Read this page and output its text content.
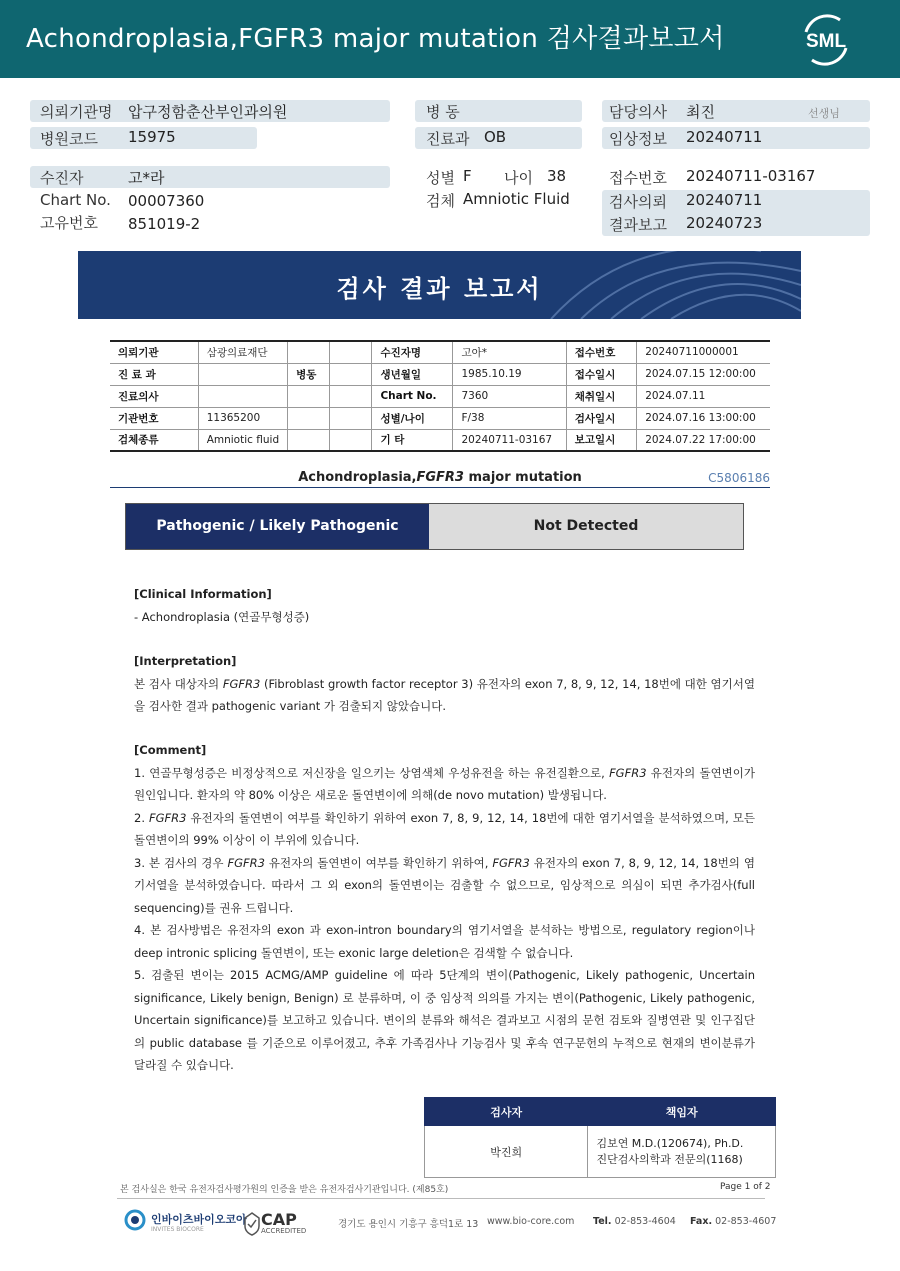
Achondroplasia,FGFR3 major mutation 검사결과보고서	SML
의뢰기관명 압구정함춘산부인과의원
병원코드 15975
병 동
진료과 OB
담당의사 최진	선생님
임상정보 20240711
수진자	고*라
Chart No. 00007360
고유번호 851019-2
성별 F 나이 38
검체 Amniotic Fluid
접수번호 20240711-03167
검사의뢰 20240711
결과보고 20240723
검사 결과 보고서
의뢰기관	삼광의료재단			수진자명	고아*	접수번호	20240711000001
진 료 과		병동		생년월일	1985.10.19	접수일시	2024.07.15 12:00:00
진료의사				Chart No.	7360	채취일시	2024.07.11
기관번호	11365200			성별/나이	F/38	검사일시	2024.07.16 13:00:00
검체종류	Amniotic fluid			기 타	20240711-03167	보고일시	2024.07.22 17:00:00
Achondroplasia,FGFR3 major mutation	C5806186
Pathogenic / Likely Pathogenic variant
Not Detected
[Clinical Information]
- Achondroplasia (연골무형성증)
[Interpretation]
본 검사 대상자의 FGFR3 (Fibroblast growth factor receptor 3) 유전자의 exon 7, 8, 9, 12, 14, 18번에 대한 염기서열을 검사한 결과 pathogenic variant 가 검출되지 않았습니다.
[Comment]
1. 연골무형성증은 비정상적으로 저신장을 일으키는 상염색체 우성유전을 하는 유전질환으로, FGFR3 유전자의 돌연변이가 원인입니다. 환자의 약 80% 이상은 새로운 돌연변이에 의해(de novo mutation) 발생됩니다.
2. FGFR3 유전자의 돌연변이 여부를 확인하기 위하여 exon 7, 8, 9, 12, 14, 18번에 대한 염기서열을 분석하였으며, 모든 돌연변이의 99% 이상이 이 부위에 있습니다.
3. 본 검사의 경우 FGFR3 유전자의 돌연변이 여부를 확인하기 위하여, FGFR3 유전자의 exon 7, 8, 9, 12, 14, 18번의 염기서열을 분석하였습니다. 따라서 그 외 exon의 돌연변이는 검출할 수 없으므로, 임상적으로 의심이 되면 추가검사(full sequencing)를 권유 드립니다.
4. 본 검사방법은 유전자의 exon 과 exon-intron boundary의 염기서열을 분석하는 방법으로, regulatory region이나 deep intronic splicing 돌연변이, 또는 exonic large deletion은 검색할 수 없습니다.
5. 검출된 변이는 2015 ACMG/AMP guideline 에 따라 5단계의 변이(Pathogenic, Likely pathogenic, Uncertain significance, Likely benign, Benign) 로 분류하며, 이 중 임상적 의의를 가지는 변이(Pathogenic, Likely pathogenic, Uncertain significance)를 보고하고 있습니다. 변이의 분류와 해석은 결과보고 시점의 문헌 검토와 질병연관 및 인구집단의 public database 를 기준으로 이루어졌고, 추후 가족검사나 기능검사 및 후속 연구문헌의 누적으로 현재의 변이분류가 달라질 수 있습니다.
검사자	책임자
박진희	김보연 M.D.(120674), Ph.D.
진단검사의학과 전문의(1168)
본 검사실은 한국 유전자검사평가원의 인증을 받은 유전자검사기관입니다. (제85호)	Page 1 of 2
인바이츠바이오코아
INVITES BIOCORE
CAP
ACCREDITED
경기도 용인시 기흥구 흥덕1로 13 www.bio-core.com Tel. 02-853-4604 Fax. 02-853-4607
